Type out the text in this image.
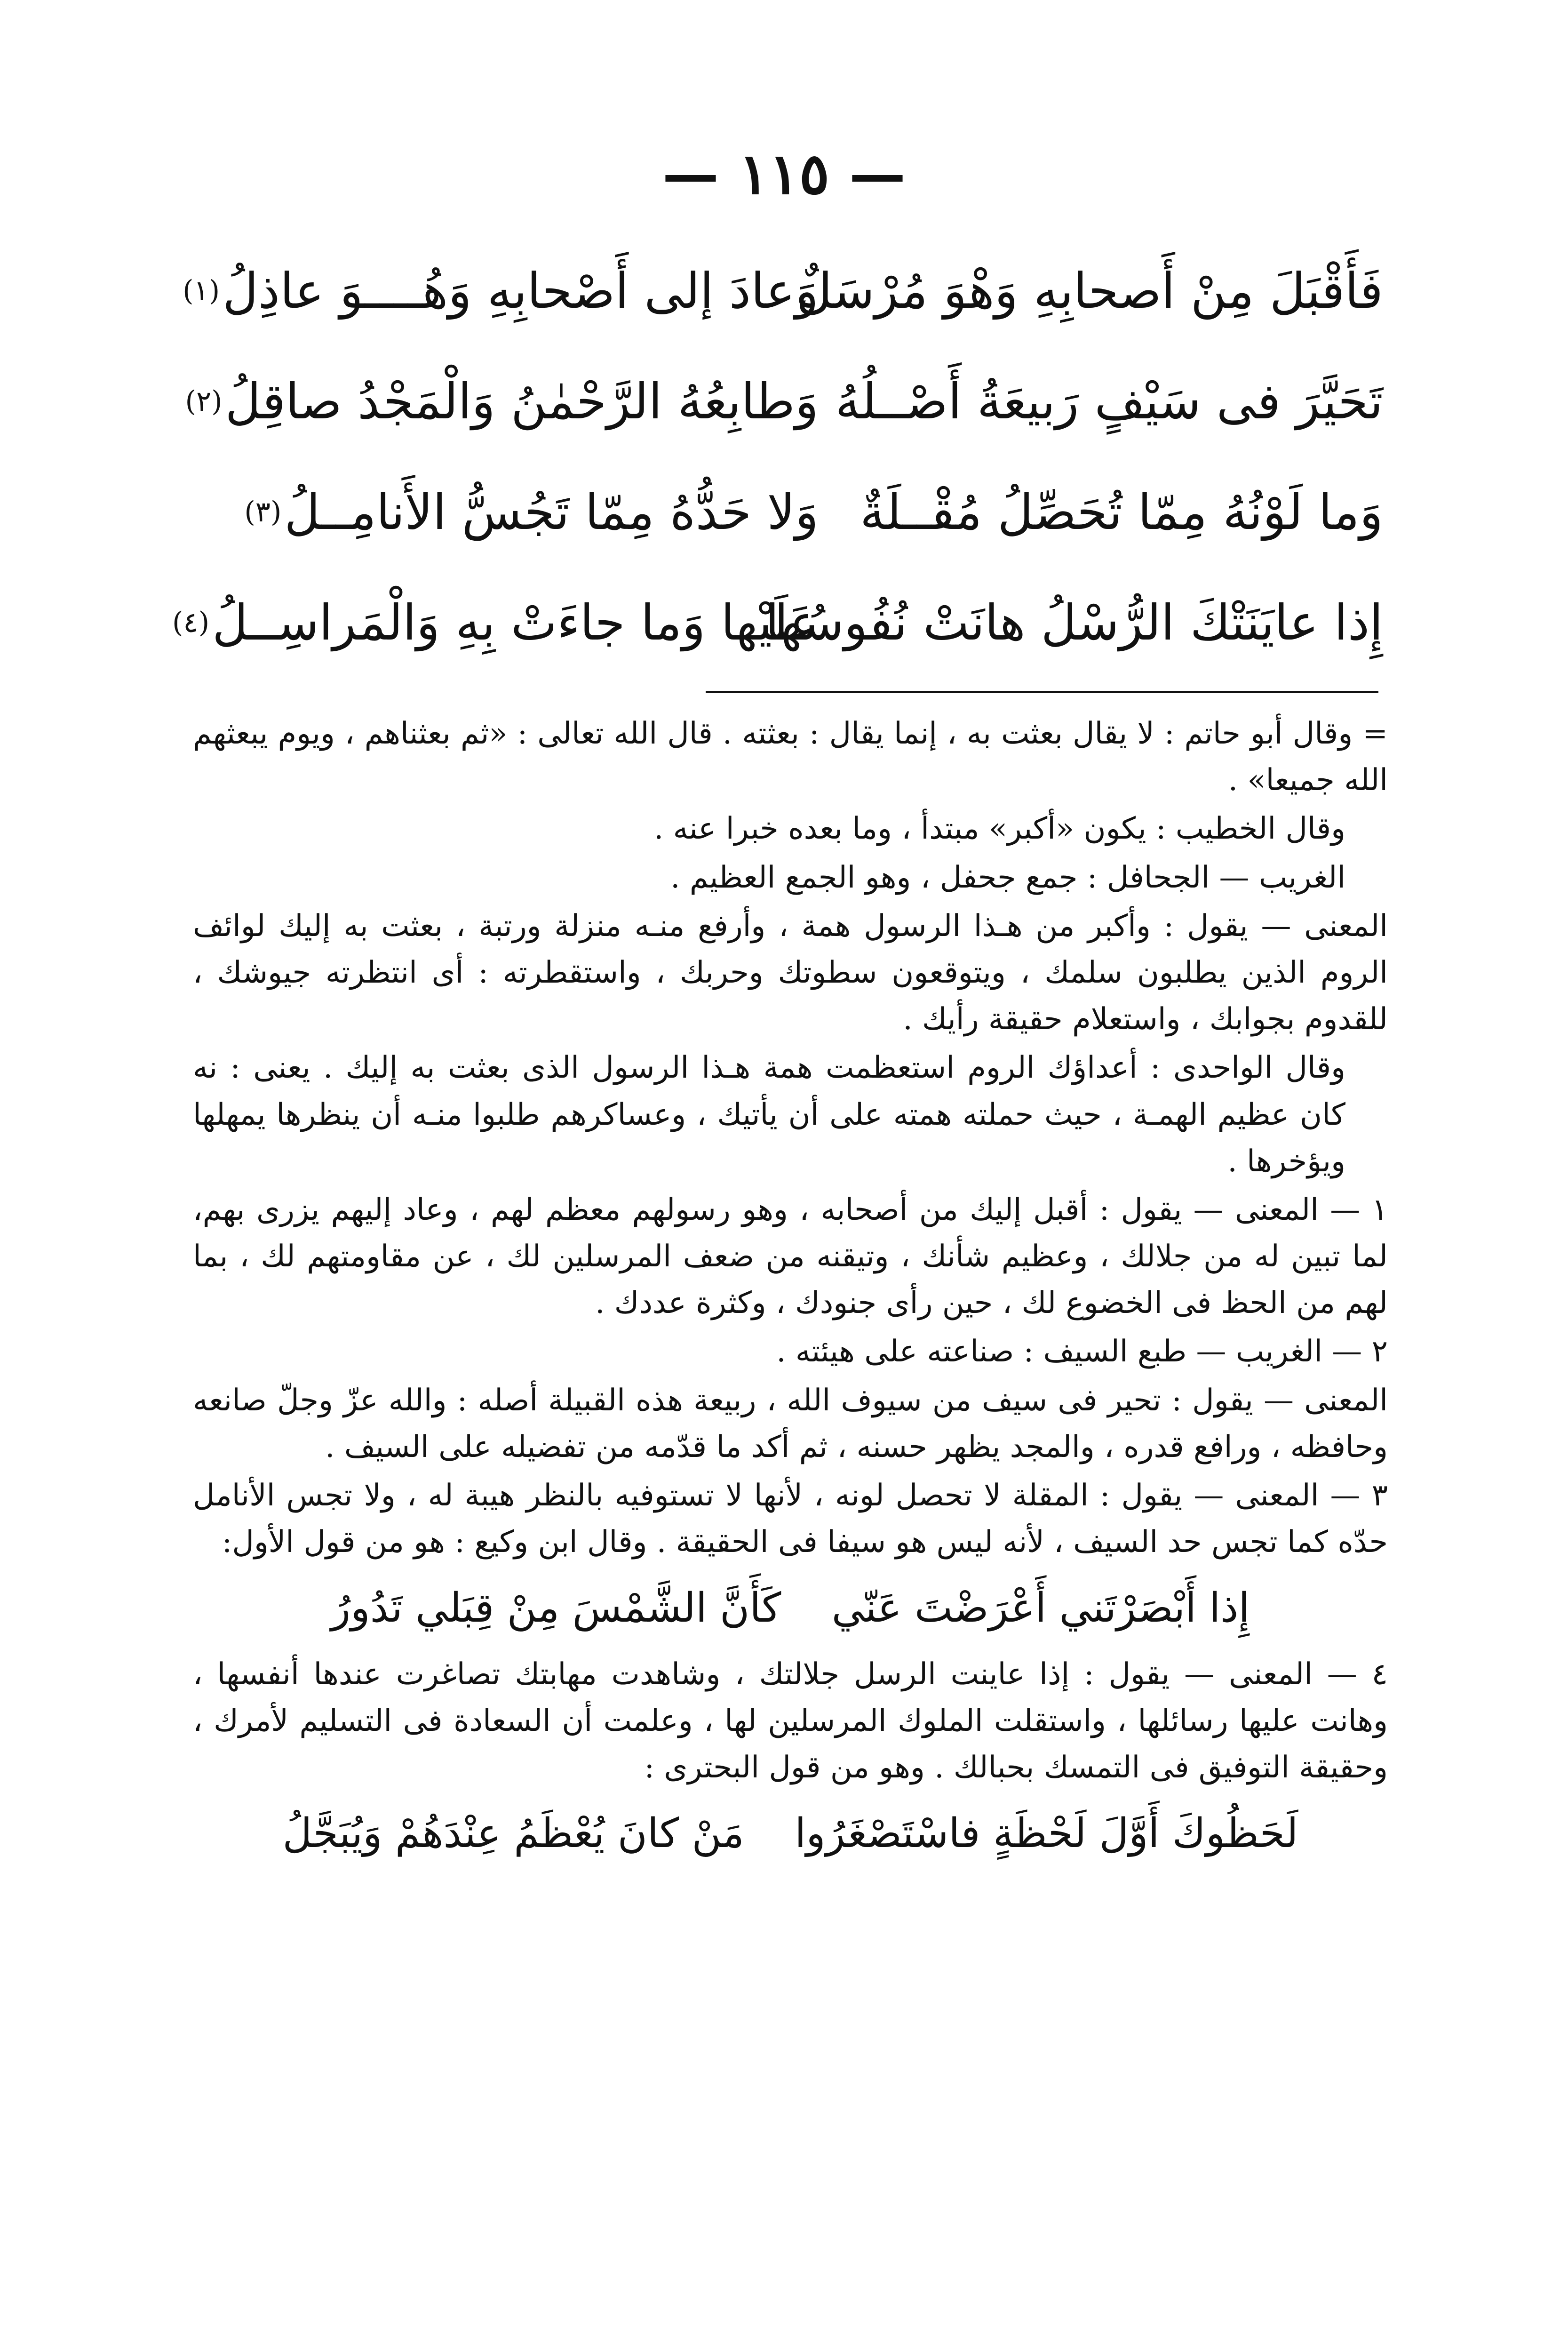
— ١١٥ —
فَأَقْبَلَ مِنْ أَصحابِهِ وَهْوَ مُرْسَلٌ
وَعادَ إلى أَصْحابِهِ وَهُــــوَ عاذِلُ
(١)
تَحَيَّرَ فى سَيْفٍ رَبيعَةُ أَصْــلُهُ
وَطابِعُهُ الرَّحْمٰنُ وَالْمَجْدُ صاقِلُ
(٢)
وَما لَوْنُهُ مِمّا تُحَصِّلُ مُقْــلَةٌ
وَلا حَدُّهُ مِمّا تَجُسُّ الأَنامِــلُ
(٣)
إِذا عايَنَتْكَ الرُّسْلُ هانَتْ نُفُوسُها
عَلَيْها وَما جاءَتْ بِهِ وَالْمَراسِــلُ
(٤)

= وقال أبو حاتم : لا يقال بعثت به ، إنما يقال : بعثته . قال الله تعالى : «ثم بعثناهم ، ويوم يبعثهم الله جميعا» .

وقال الخطيب : يكون «أكبر» مبتدأ ، وما بعده خبرا عنه .

الغريب — الجحافل : جمع جحفل ، وهو الجمع العظيم .

المعنى — يقول : وأكبر من هـذا الرسول همة ، وأرفع منـه منزلة ورتبة ، بعثت به إليك لوائف الروم الذين يطلبون سلمك ، ويتوقعون سطوتك وحربك ، واستقطرته : أى انتظرته جيوشك ، للقدوم بجوابك ، واستعلام حقيقة رأيك .

وقال الواحدى : أعداؤك الروم استعظمت همة هـذا الرسول الذى بعثت به إليك . يعنى : نه كان عظيم الهمـة ، حيث حملته همته على أن يأتيك ، وعساكرهم طلبوا منـه أن ينظرها يمهلها ويؤخرها .

١ — المعنى — يقول : أقبل إليك من أصحابه ، وهو رسولهم معظم لهم ، وعاد إليهم يزرى بهم، لما تبين له من جلالك ، وعظيم شأنك ، وتيقنه من ضعف المرسلين لك ، عن مقاومتهم لك ، بما لهم من الحظ فى الخضوع لك ، حين رأى جنودك ، وكثرة عددك .

٢ — الغريب — طبع السيف : صناعته على هيئته .

المعنى — يقول : تحير فى سيف من سيوف الله ، ربيعة هذه القبيلة أصله : والله عزّ وجلّ صانعه وحافظه ، ورافع قدره ، والمجد يظهر حسنه ، ثم أكد ما قدّمه من تفضيله على السيف .

٣ — المعنى — يقول : المقلة لا تحصل لونه ، لأنها لا تستوفيه بالنظر هيبة له ، ولا تجس الأنامل حدّه كما تجس حد السيف ، لأنه ليس هو سيفا فى الحقيقة . وقال ابن وكيع : هو من قول الأول:

إِذا أَبْصَرْتَني أَعْرَضْتَ عَنّي كَأَنَّ الشَّمْسَ مِنْ قِبَلي تَدُورُ

٤ — المعنى — يقول : إذا عاينت الرسل جلالتك ، وشاهدت مهابتك تصاغرت عندها أنفسها ، وهانت عليها رسائلها ، واستقلت الملوك المرسلين لها ، وعلمت أن السعادة فى التسليم لأمرك ، وحقيقة التوفيق فى التمسك بحبالك . وهو من قول البحترى :

لَحَظُوكَ أَوَّلَ لَحْظَةٍ فاسْتَصْغَرُوا مَنْ كانَ يُعْظَمُ عِنْدَهُمْ وَيُبَجَّلُ
